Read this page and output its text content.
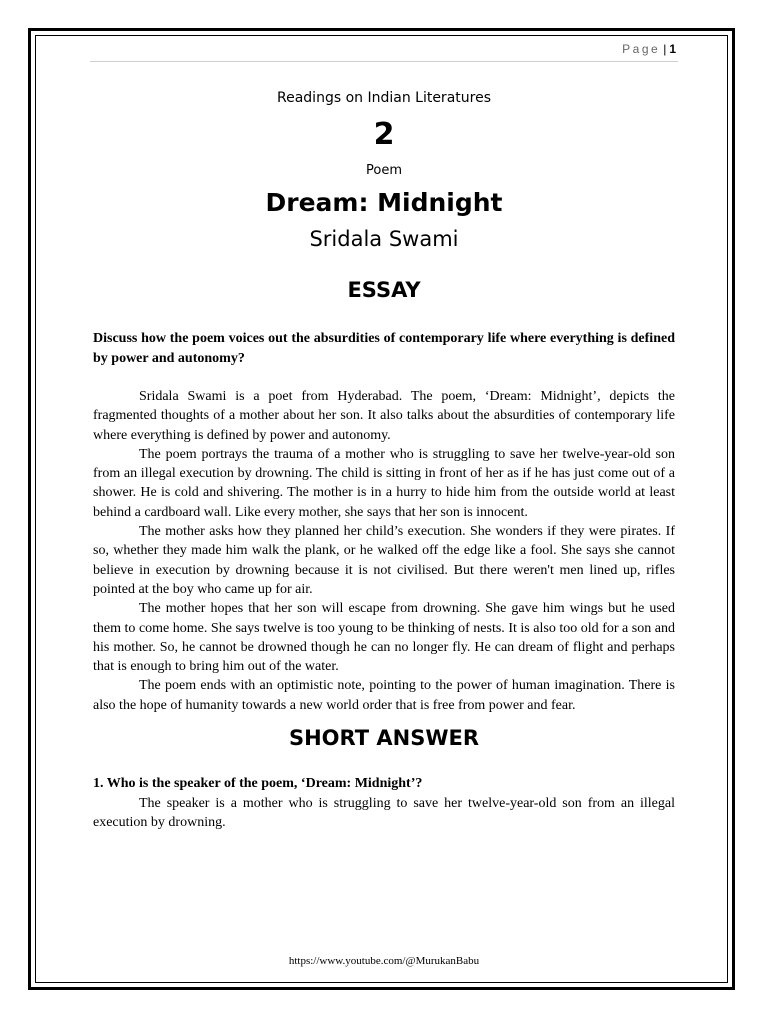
Page | 1

Readings on Indian Literatures

2

Poem

Dream: Midnight

Sridala Swami

ESSAY

Discuss how the poem voices out the absurdities of contemporary life where everything is defined by power and autonomy?

Sridala Swami is a poet from Hyderabad. The poem, ‘Dream: Midnight’, depicts the fragmented thoughts of a mother about her son. It also talks about the absurdities of contemporary life where everything is defined by power and autonomy.

The poem portrays the trauma of a mother who is struggling to save her twelve-year-old son from an illegal execution by drowning. The child is sitting in front of her as if he has just come out of a shower. He is cold and shivering. The mother is in a hurry to hide him from the outside world at least behind a cardboard wall. Like every mother, she says that her son is innocent.

The mother asks how they planned her child’s execution. She wonders if they were pirates. If so, whether they made him walk the plank, or he walked off the edge like a fool. She says she cannot believe in execution by drowning because it is not civilised. But there weren't men lined up, rifles pointed at the boy who came up for air.

The mother hopes that her son will escape from drowning. She gave him wings but he used them to come home. She says twelve is too young to be thinking of nests. It is also too old for a son and his mother. So, he cannot be drowned though he can no longer fly. He can dream of flight and perhaps that is enough to bring him out of the water.

The poem ends with an optimistic note, pointing to the power of human imagination. There is also the hope of humanity towards a new world order that is free from power and fear.

SHORT ANSWER

1. Who is the speaker of the poem, ‘Dream: Midnight’?

The speaker is a mother who is struggling to save her twelve-year-old son from an illegal execution by drowning.

https://www.youtube.com/@MurukanBabu
